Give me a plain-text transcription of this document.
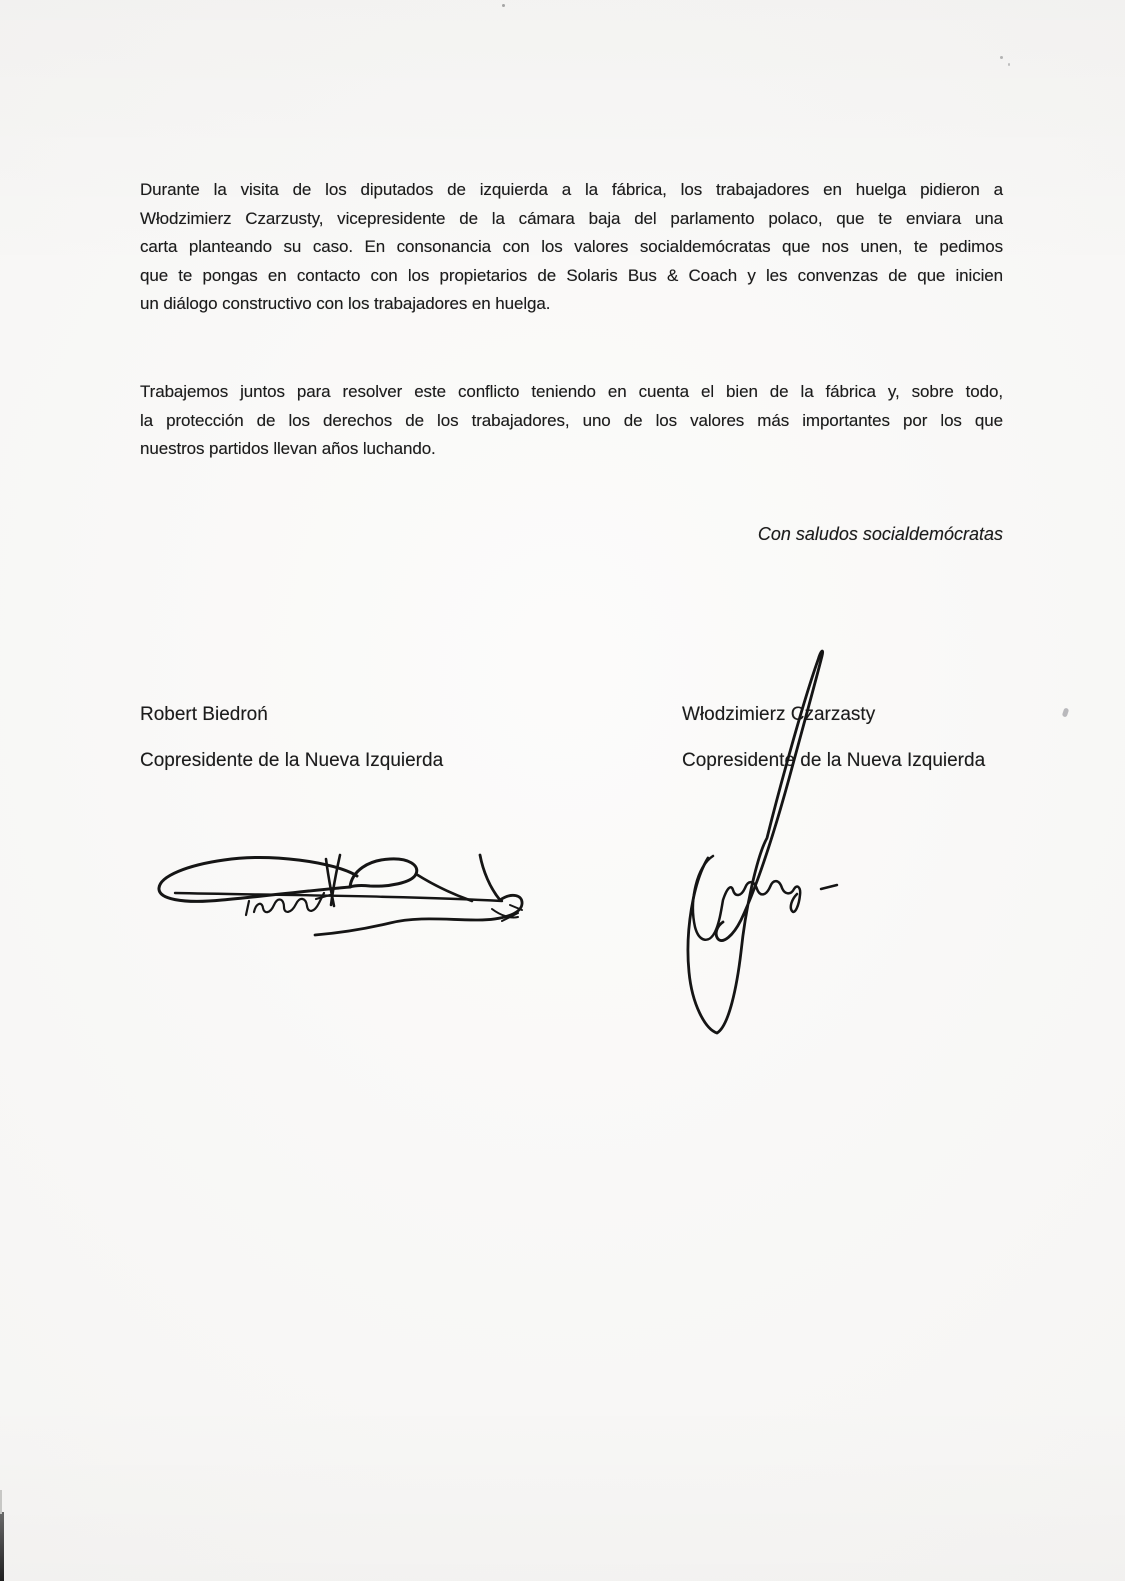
Durante la visita de los diputados de izquierda a la fábrica, los trabajadores en huelga pidieron a
Włodzimierz Czarzusty, vicepresidente de la cámara baja del parlamento polaco, que te enviara una
carta planteando su caso. En consonancia con los valores socialdemócratas que nos unen, te pedimos
que te pongas en contacto con los propietarios de Solaris Bus & Coach y les convenzas de que inicien
un diálogo constructivo con los trabajadores en huelga.
Trabajemos juntos para resolver este conflicto teniendo en cuenta el bien de la fábrica y, sobre todo,
la protección de los derechos de los trabajadores, uno de los valores más importantes por los que
nuestros partidos llevan años luchando.
Con saludos socialdemócratas
Robert Biedroń
Copresidente de la Nueva Izquierda
Włodzimierz Czarzasty
Copresidente de la Nueva Izquierda
